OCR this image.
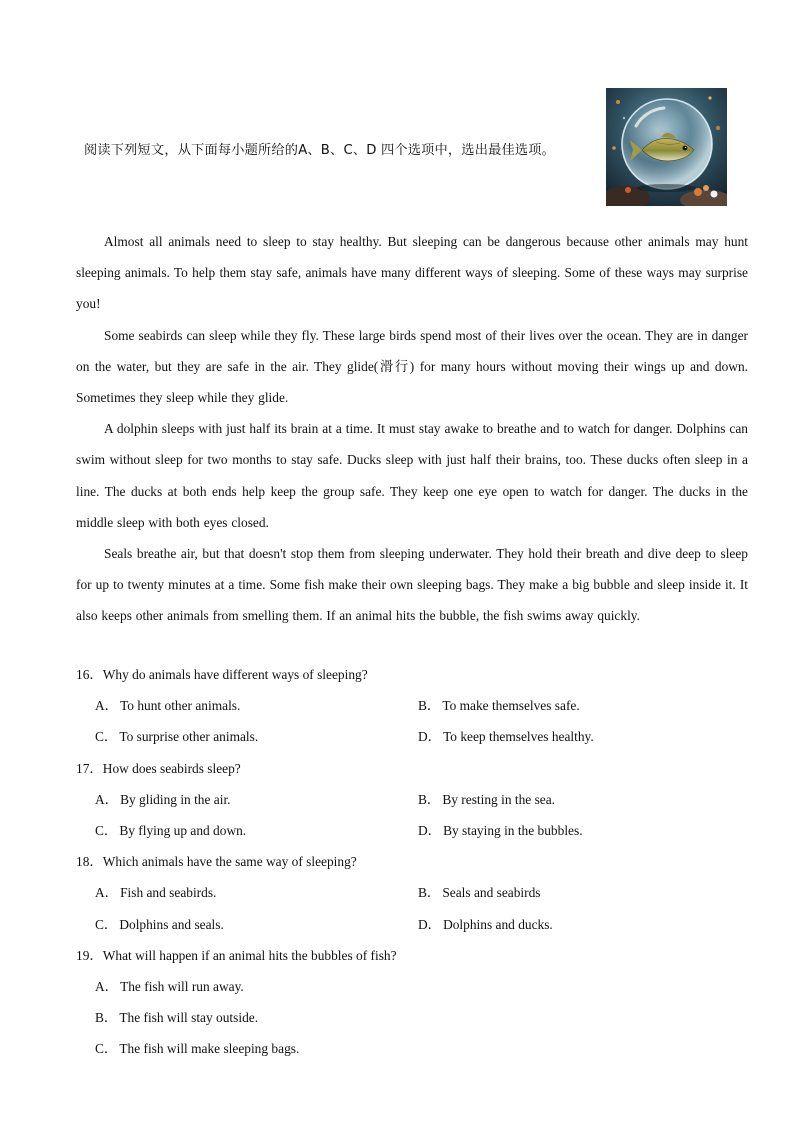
阅读下列短文，从下面每小题所给的A、B、C、D 四个选项中，选出最佳选项。

Almost all animals need to sleep to stay healthy. But sleeping can be dangerous because other animals may hunt sleeping animals. To help them stay safe, animals have many different ways of sleeping. Some of these ways may surprise you!

Some seabirds can sleep while they fly. These large birds spend most of their lives over the ocean. They are in danger on the water, but they are safe in the air. They glide(滑行) for many hours without moving their wings up and down. Sometimes they sleep while they glide.

A dolphin sleeps with just half its brain at a time. It must stay awake to breathe and to watch for danger. Dolphins can swim without sleep for two months to stay safe. Ducks sleep with just half their brains, too. These ducks often sleep in a line. The ducks at both ends help keep the group safe. They keep one eye open to watch for danger. The ducks in the middle sleep with both eyes closed.

Seals breathe air, but that doesn't stop them from sleeping underwater. They hold their breath and dive deep to sleep for up to twenty minutes at a time. Some fish make their own sleeping bags. They make a big bubble and sleep inside it. It also keeps other animals from smelling them. If an animal hits the bubble, the fish swims away quickly.

16．Why do animals have different ways of sleeping?
A． To hunt other animals.	B． To make themselves safe.
C． To surprise other animals.	D． To keep themselves healthy.
17．How does seabirds sleep?
A． By gliding in the air.	B． By resting in the sea.
C． By flying up and down.	D． By staying in the bubbles.
18．Which animals have the same way of sleeping?
A． Fish and seabirds.	B． Seals and seabirds
C． Dolphins and seals.	D． Dolphins and ducks.
19．What will happen if an animal hits the bubbles of fish?
A． The fish will run away.
B． The fish will stay outside.
C． The fish will make sleeping bags.
